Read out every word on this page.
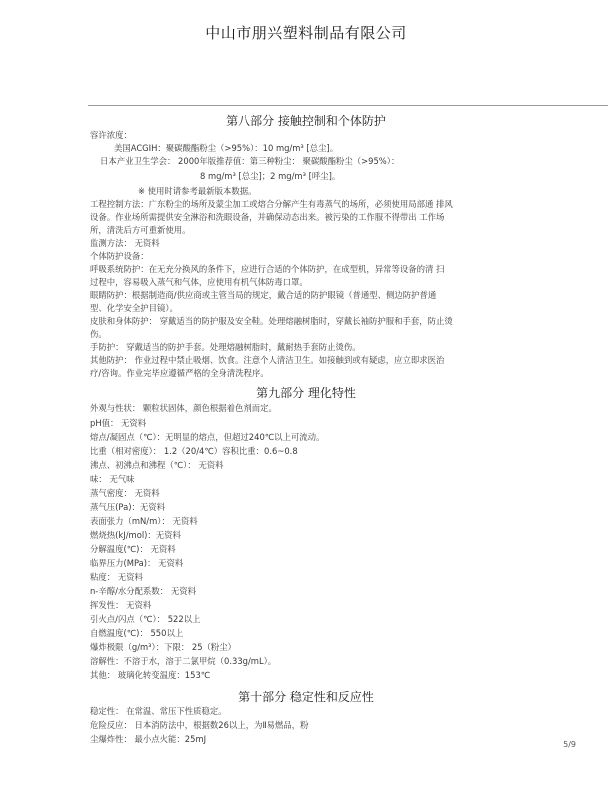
中山市朋兴塑料制品有限公司
第八部分 接触控制和个体防护
容许浓度：
美国ACGIH：聚碳酸酯粉尘（>95%）：10 mg/m³ [总尘]。
日本产业卫生学会： 2000年版推荐值：第三种粉尘： 聚碳酸酯粉尘（>95%）：
8 mg/m³ [总尘]；2 mg/m³ [呼尘]。
※ 使用时请参考最新版本数据。
工程控制方法：广东粉尘的场所及蒙尘加工或熔合分解产生有毒蒸气的场所，必须使用局部通 排风
设备。作业场所需提供安全淋浴和洗眼设备，并确保动态出来。被污染的工作服不得带出 工作场
所，清洗后方可重新使用。
监测方法： 无资料
个体防护设备：
呼吸系统防护：在无充分换风的条件下，应进行合适的个体防护，在成型机，异常等设备的清 扫
过程中，容易吸入蒸气和气体，应使用有机气体防毒口罩。
眼睛防护：根据制造商/供应商或主管当局的规定，戴合适的防护眼镜（普通型、侧边防护普通
型、化学安全护目镜）。
皮肤和身体防护： 穿戴适当的防护服及安全鞋。处理熔融树脂时，穿戴长袖防护服和手套，防止烫
伤。
手防护： 穿戴适当的防护手套。处理熔融树脂时，戴耐热手套防止烫伤。
其他防护： 作业过程中禁止吸烟、饮食。注意个人清洁卫生。如接触到或有疑虑，应立即求医治
疗/咨询。作业完毕应遵循严格的全身清洗程序。
第九部分 理化特性
外观与性状： 颗粒状固体，颜色根据着色剂而定。
pH值： 无资料
熔点/凝固点（℃）：无明显的熔点，但超过240℃以上可流动。
比重（相对密度）： 1.2（20/4℃）容积比重：0.6~0.8
沸点、初沸点和沸程（℃）： 无资料
味： 无气味
蒸气密度： 无资料
蒸气压(Pa)：无资料
表面张力（mN/m）： 无资料
燃烧热(kJ/mol)：无资料
分解温度(℃)： 无资料
临界压力(MPa)： 无资料
粘度： 无资料
n-辛醇/水分配系数： 无资料
挥发性： 无资料
引火点/闪点（℃）： 522以上
自燃温度(℃)： 550以上
爆炸极限（g/m³）：下限： 25（粉尘）
溶解性：不溶于水，溶于二氯甲烷（0.33g/mL）。
其他： 玻璃化转变温度：153℃
第十部分 稳定性和反应性
稳定性： 在常温、常压下性质稳定。
危险反应： 日本消防法中，根据数26以上，为Ⅱ易燃品，粉
尘爆炸性： 最小点火能：25mJ
5/9
